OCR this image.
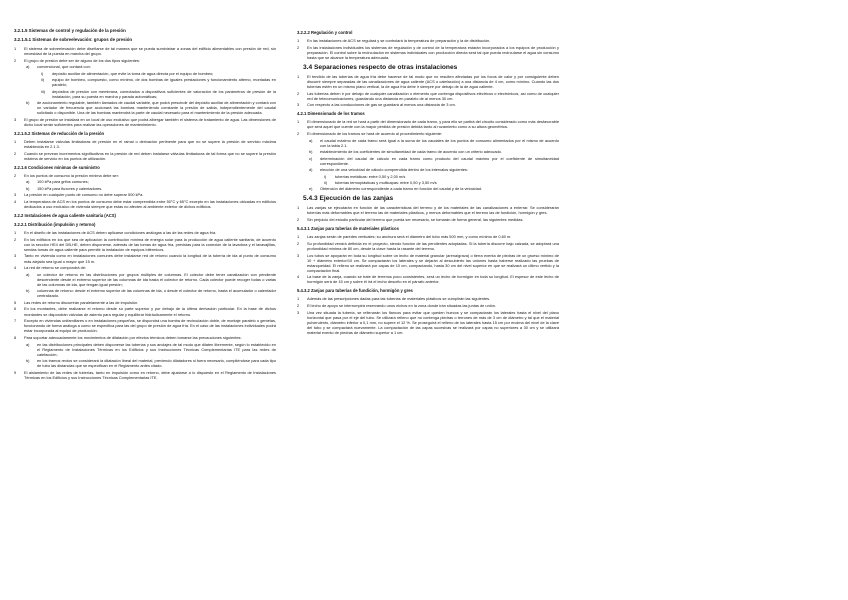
3.2.1.5 Sistemas de control y regulación de la presión
3.2.1.5.1 Sistemas de sobreelevación: grupos de presión
1 El sistema de sobreelevación debe diseñarse de tal manera que se pueda suministrar a zonas del edificio alimentables con presión de red, sin necesidad de la puesta en marcha del grupo.
2 El grupo de presión debe ser de alguno de los dos tipos siguientes:
a) convencional, que contará con:
i) depósito auxiliar de alimentación, que evite la toma de agua directa por el equipo de bombeo;
ii) equipo de bombeo, compuesto, como mínimo, de dos bombas de iguales prestaciones y funcionamiento alterno, montadas en paralelo;
iii) depósitos de presión con membrana, conectados a dispositivos suficientes de valoración de los parámetros de presión de la instalación, para su puesta en marcha y parada automáticas;
b) de accionamiento regulable, también llamados de caudal variable, que podrá prescindir del depósito auxiliar de alimentación y contará con un variador de frecuencia que accionará las bombas manteniendo constante la presión de salida, independientemente del caudal solicitado o disponible. Una de las bombas mantendrá la parte de caudal necesario para el mantenimiento de la presión adecuada.
3 El grupo de presión se instalará en un local de uso exclusivo que podrá albergar también el sistema de tratamiento de agua. Las dimensiones de dicho local serán suficientes para realizar las operaciones de mantenimiento.
3.2.1.5.2 Sistemas de reducción de la presión
1 Deben instalarse válvulas limitadoras de presión en el ramal o derivación pertinente para que no se supere la presión de servicio máxima establecida en 2.1.3.
2 Cuando se prevean incrementos significativos en la presión de red deben instalarse válvulas limitadoras de tal forma que no se supere la presión máxima de servicio en los puntos de utilización.
3.2.1.6 Condiciones mínimas de suministro
2 En los puntos de consumo la presión mínima debe ser:
a) 100 kPa para grifos comunes;
b) 150 kPa para fluxores y calentadores.
3 La presión en cualquier punto de consumo no debe superar 500 kPa.
4 La temperatura de ACS en los puntos de consumo debe estar comprendida entre 50°C y 65°C excepto en las instalaciones ubicadas en edificios dedicados a uso exclusivo de vivienda siempre que estas no afecten al ambiente exterior de dichos edificios.
3.2.2 Instalaciones de agua caliente sanitaria (ACS)
3.2.2.1 Distribución (impulsión y retorno)
1 En el diseño de las instalaciones de ACS deben aplicarse condiciones análogas a las de las redes de agua fría.
2 En los edificios en los que sea de aplicación la contribución mínima de energía solar para la producción de agua caliente sanitaria, de acuerdo con la sección HE4 del DB-HE, deben disponerse, además de las tomas de agua fría, previstas para la conexión de la lavadora y el lavavajillas, sendas tomas de agua caliente para permitir la instalación de equipos bitérmicos.
3 Tanto en vivienda como en instalaciones comunes debe instalarse red de retorno cuando la longitud de la tubería de ida al punto de consumo más alejado sea igual o mayor que 15 m.
4 La red de retorno se compondrá de:
a) un colector de retorno en las distribuciones por grupos múltiples de columnas. El colector debe tener canalización con pendiente descendente desde el extremo superior de las columnas de ida hasta el colector de retorno. Cada colector puede recoger todas o varias de las columnas de ida, que tengan igual presión;
b) columnas de retorno: desde el extremo superior de las columnas de ida, o desde el colector de retorno, hasta el acumulador o calentador centralizado.
5 Las redes de retorno discurrirán paralelamente a las de impulsión.
6 En los montantes, debe realizarse el retorno desde su parte superior y por debajo de la última derivación particular. En la base de dichos montantes se dispondrán válvulas de asiento para regular y equilibrar hidráulicamente el retorno.
7 Excepto en viviendas unifamiliares o en instalaciones pequeñas, se dispondrá una bomba de recirculación doble, de montaje paralelo o gemelas, funcionando de forma análoga a como se especifica para las del grupo de presión de agua fría. En el caso de las instalaciones individuales podrá estar incorporada al equipo de producción.
8 Para soportar adecuadamente los movimientos de dilatación por efectos térmicos deben tomarse las precauciones siguientes:
a) en las distribuciones principales deben disponerse las tuberías y sus anclajes de tal modo que dilaten libremente, según lo establecido en el Reglamento de Instalaciones Térmicas en los Edificios y sus Instrucciones Técnicas Complementarias ITE para las redes de calefacción;
b) en los tramos rectos se considerará la dilatación lineal del material, previendo dilatadores si fuera necesario, cumpliéndose para cada tipo de tubo las distancias que se especifican en el Reglamento antes citado.
9 El aislamiento de las redes de tuberías, tanto en impulsión como en retorno, debe ajustarse a lo dispuesto en el Reglamento de Instalaciones Térmicas en los Edificios y sus Instrucciones Técnicas Complementarias ITE.
3.2.2.2 Regulación y control
1 En las instalaciones de ACS se regulará y se controlará la temperatura de preparación y la de distribución.
2 En las instalaciones individuales los sistemas de regulación y de control de la temperatura estarán incorporados a los equipos de producción y preparación. El control sobre la recirculación en sistemas individuales con producción directa será tal que pueda recircularse el agua sin consumo hasta que se alcance la temperatura adecuada.
3.4 Separaciones respecto de otras instalaciones
1 El tendido de las tuberías de agua fría debe hacerse de tal modo que no resulten afectadas por los focos de calor y por consiguiente deben discurrir siempre separadas de las canalizaciones de agua caliente (ACS o calefacción) a una distancia de 4 cm, como mínimo. Cuando las dos tuberías estén en un mismo plano vertical, la de agua fría debe ir siempre por debajo de la de agua caliente.
2 Las tuberías deben ir por debajo de cualquier canalización o elemento que contenga dispositivos eléctricos o electrónicos, así como de cualquier red de telecomunicaciones, guardando una distancia en paralelo de al menos 30 cm.
3 Con respecto a las conducciones de gas se guardará al menos una distancia de 3 cm.
4.2.1 Dimensionado de los tramos
1 El dimensionado de la red se hará a partir del dimensionado de cada tramo, y para ello se partirá del circuito considerado como más desfavorable que será aquel que cuente con la mayor pérdida de presión debida tanto al rozamiento como a su altura geométrica.
2 El dimensionado de los tramos se hará de acuerdo al procedimiento siguiente:
a) el caudal máximo de cada tramo será igual a la suma de los caudales de los puntos de consumo alimentados por el mismo de acuerdo con la tabla 2.1.
b) establecimiento de los coeficientes de simultaneidad de cada tramo de acuerdo con un criterio adecuado.
c) determinación del caudal de cálculo en cada tramo como producto del caudal máximo por el coeficiente de simultaneidad correspondiente.
d) elección de una velocidad de cálculo comprendida dentro de los intervalos siguientes:
i) tuberías metálicas: entre 0,50 y 2,00 m/s
ii) tuberías termoplásticas y multicapas: entre 0,50 y 3,50 m/s
e) Obtención del diámetro correspondiente a cada tramo en función del caudal y de la velocidad.
5.4.3 Ejecución de las zanjas
1 Las zanjas se ejecutarán en función de las características del terreno y de los materiales de las canalizaciones a enterrar. Se considerarán tuberías más deformables que el terreno las de materiales plásticos, y menos deformables que el terreno las de fundición, hormigón y gres.
2 Sin perjuicio del estudio particular del terreno que pueda ser necesario, se tomarán de forma general, las siguientes medidas.
5.4.3.1 Zanjas para tuberías de materiales plásticos
1 Las zanjas serán de paredes verticales; su anchura será el diámetro del tubo más 500 mm, y como mínimo de 0,60 m.
2 Su profundidad vendrá definida en el proyecto, siendo función de las pendientes adoptadas. Si la tubería discurre bajo calzada, se adoptará una profundidad mínima de 80 cm, desde la clave hasta la rasante del terreno.
3 Los tubos se apoyarán en toda su longitud sobre un lecho de material granular (arena/grava) o tierra exenta de piedras de un grueso mínimo de 10 + diámetro exterior/10 cm. Se compactarán los laterales y se dejarán al descubierto las uniones hasta haberse realizado las pruebas de estanqueidad. El relleno se realizará por capas de 10 cm, compactando, hasta 30 cm del nivel superior en que se realizará un último vertido y la compactación final.
4 La base de la zanja, cuando se trate de terrenos poco consistentes, será un lecho de hormigón en toda su longitud. El espesor de este lecho de hormigón será de 15 cm y sobre él irá el lecho descrito en el párrafo anterior.
5.4.3.2 Zanjas para tuberías de fundición, hormigón y gres
1 Además de las prescripciones dadas para las tuberías de materiales plásticos se cumplirán las siguientes.
2 El lecho de apoyo se interrumpirá reservando unos nichos en la zona donde irán situadas las juntas de unión.
3 Una vez situada la tubería, se rellenarán los flancos para evitar que queden huecos y se compactarán los laterales hasta el nivel del plano horizontal que pasa por el eje del tubo. Se utilizará relleno que no contenga piedras o terrones de más de 3 cm de diámetro y tal que el material pulverulento, diámetro inferior a 0,1 mm, no supere el 12 %. Se proseguirá el relleno de los laterales hasta 15 cm por encima del nivel de la clave del tubo y se compactará nuevamente. La compactación de las capas sucesivas se realizará por capas no superiores a 30 cm y se utilizará material exento de piedras de diámetro superior a 1 cm.
